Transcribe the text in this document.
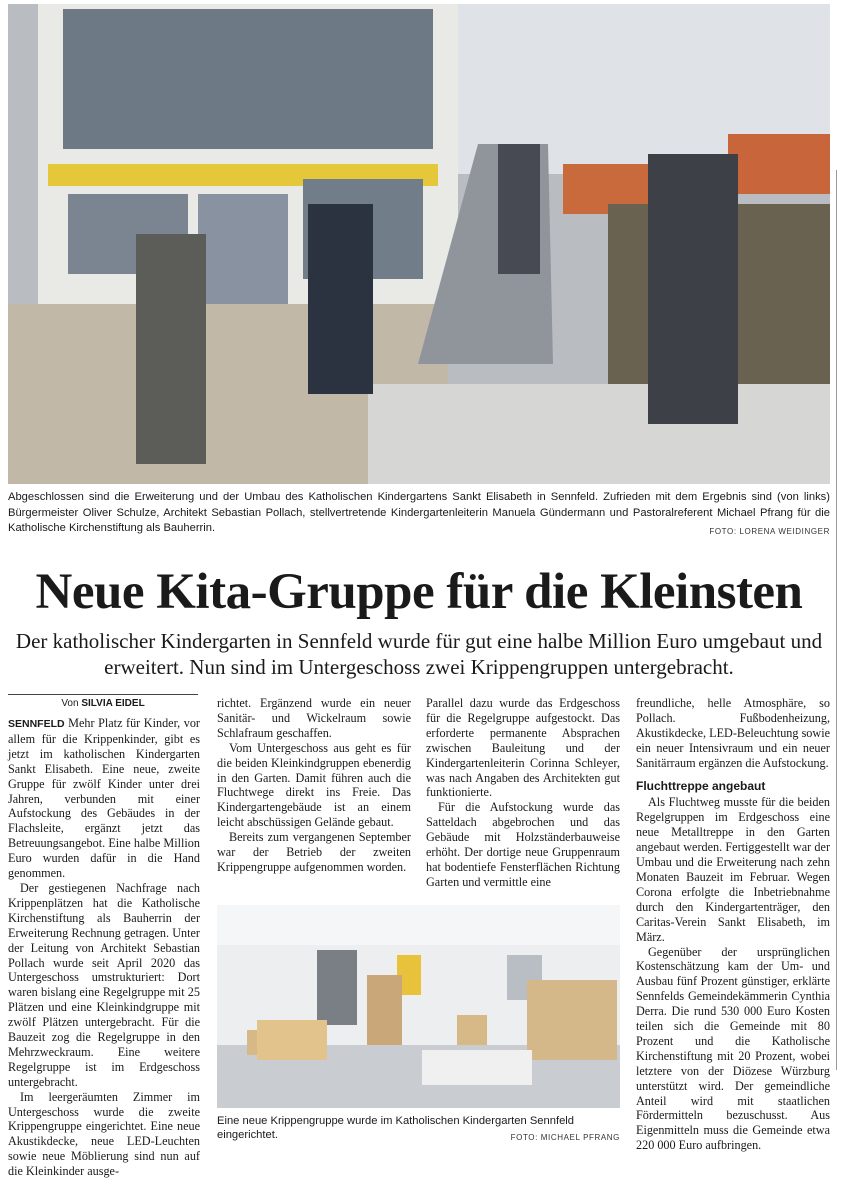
Abgeschlossen sind die Erweiterung und der Umbau des Katholischen Kindergartens Sankt Elisabeth in Sennfeld. Zufrieden mit dem Ergebnis sind (von links) Bürgermeister Oliver Schulze, Architekt Sebastian Pollach, stellvertretende Kindergartenleiterin Manuela Gündermann und Pastoralreferent Michael Pfrang für die Katholische Kirchenstiftung als Bauherrin.	FOTO: LORENA WEIDINGER
Neue Kita-Gruppe für die Kleinsten

Der katholischer Kindergarten in Sennfeld wurde für gut eine halbe Million Euro umgebaut und erweitert. Nun sind im Untergeschoss zwei Krippengruppen untergebracht.

Von SILVIA EIDEL

SENNFELD Mehr Platz für Kinder, vor allem für die Krippenkinder, gibt es jetzt im katholischen Kindergarten Sankt Elisabeth. Eine neue, zweite Gruppe für zwölf Kinder unter drei Jahren, verbunden mit einer Aufstockung des Gebäudes in der Flachsleite, ergänzt jetzt das Betreuungsangebot. Eine halbe Million Euro wurden dafür in die Hand genommen.

Der gestiegenen Nachfrage nach Krippenplätzen hat die Katholische Kirchenstiftung als Bauherrin der Erweiterung Rechnung getragen. Unter der Leitung von Architekt Sebastian Pollach wurde seit April 2020 das Untergeschoss umstrukturiert: Dort waren bislang eine Regelgruppe mit 25 Plätzen und eine Kleinkindgruppe mit zwölf Plätzen untergebracht. Für die Bauzeit zog die Regelgruppe in den Mehrzweckraum. Eine weitere Regelgruppe ist im Erdgeschoss untergebracht.

Im leergeräumten Zimmer im Untergeschoss wurde die zweite Krippengruppe eingerichtet. Eine neue Akustikdecke, neue LED-Leuchten sowie neue Möblierung sind nun auf die Kleinkinder ausge-

richtet. Ergänzend wurde ein neuer Sanitär- und Wickelraum sowie Schlafraum geschaffen.

Vom Untergeschoss aus geht es für die beiden Kleinkindgruppen ebenerdig in den Garten. Damit führen auch die Fluchtwege direkt ins Freie. Das Kindergartengebäude ist an einem leicht abschüssigen Gelände gebaut.

Bereits zum vergangenen September war der Betrieb der zweiten Krippengruppe aufgenommen worden.

Parallel dazu wurde das Erdgeschoss für die Regelgruppe aufgestockt. Das erforderte permanente Absprachen zwischen Bauleitung und der Kindergartenleiterin Corinna Schleyer, was nach Angaben des Architekten gut funktionierte.

Für die Aufstockung wurde das Satteldach abgebrochen und das Gebäude mit Holzständerbauweise erhöht. Der dortige neue Gruppenraum hat bodentiefe Fensterflächen Richtung Garten und vermittle eine

freundliche, helle Atmosphäre, so Pollach. Fußbodenheizung, Akustikdecke, LED-Beleuchtung sowie ein neuer Intensivraum und ein neuer Sanitärraum ergänzen die Aufstockung.

Fluchttreppe angebaut

Als Fluchtweg musste für die beiden Regelgruppen im Erdgeschoss eine neue Metalltreppe in den Garten angebaut werden. Fertiggestellt war der Umbau und die Erweiterung nach zehn Monaten Bauzeit im Februar. Wegen Corona erfolgte die Inbetriebnahme durch den Kindergartenträger, den Caritas-Verein Sankt Elisabeth, im März.

Gegenüber der ursprünglichen Kostenschätzung kam der Um- und Ausbau fünf Prozent günstiger, erklärte Sennfelds Gemeindekämmerin Cynthia Derra. Die rund 530 000 Euro Kosten teilen sich die Gemeinde mit 80 Prozent und die Katholische Kirchenstiftung mit 20 Prozent, wobei letztere von der Diözese Würzburg unterstützt wird. Der gemeindliche Anteil wird mit staatlichen Fördermitteln bezuschusst. Aus Eigenmitteln muss die Gemeinde etwa 220 000 Euro aufbringen.

Eine neue Krippengruppe wurde im Katholischen Kindergarten Sennfeld eingerichtet.	FOTO: MICHAEL PFRANG
